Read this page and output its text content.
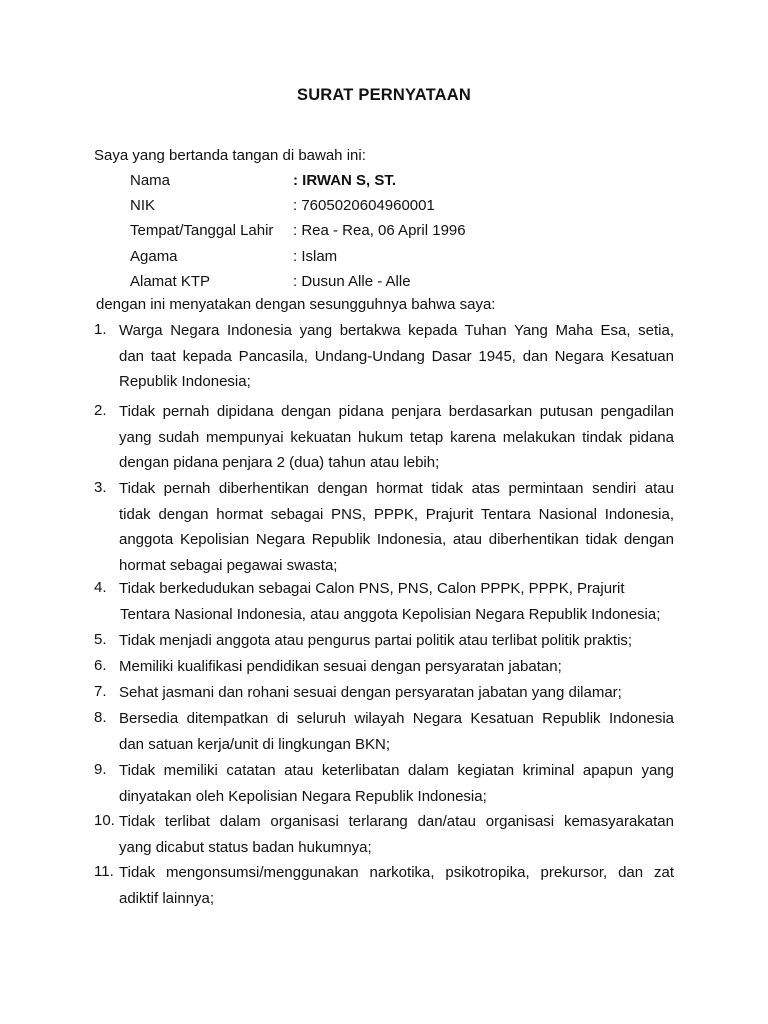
SURAT PERNYATAAN
Saya yang bertanda tangan di bawah ini:
Nama	: IRWAN S, ST.
NIK	: 7605020604960001
Tempat/Tanggal Lahir : Rea - Rea, 06 April 1996
Agama	: Islam
Alamat KTP	: Dusun Alle - Alle
dengan ini menyatakan dengan sesungguhnya bahwa saya:
1. Warga Negara Indonesia yang bertakwa kepada Tuhan Yang Maha Esa, setia,
dan taat kepada Pancasila, Undang-Undang Dasar 1945, dan Negara Kesatuan
Republik Indonesia;
2. Tidak pernah dipidana dengan pidana penjara berdasarkan putusan pengadilan
yang sudah mempunyai kekuatan hukum tetap karena melakukan tindak pidana
dengan pidana penjara 2 (dua) tahun atau lebih;
3. Tidak pernah diberhentikan dengan hormat tidak atas permintaan sendiri atau
tidak dengan hormat sebagai PNS, PPPK, Prajurit Tentara Nasional Indonesia,
anggota Kepolisian Negara Republik Indonesia, atau diberhentikan tidak dengan
hormat sebagai pegawai swasta;
4. Tidak berkedudukan sebagai Calon PNS, PNS, Calon PPPK, PPPK, Prajurit
Tentara Nasional Indonesia, atau anggota Kepolisian Negara Republik Indonesia;
5. Tidak menjadi anggota atau pengurus partai politik atau terlibat politik praktis;
6. Memiliki kualifikasi pendidikan sesuai dengan persyaratan jabatan;
7. Sehat jasmani dan rohani sesuai dengan persyaratan jabatan yang dilamar;
8. Bersedia ditempatkan di seluruh wilayah Negara Kesatuan Republik Indonesia
dan satuan kerja/unit di lingkungan BKN;
9. Tidak memiliki catatan atau keterlibatan dalam kegiatan kriminal apapun yang
dinyatakan oleh Kepolisian Negara Republik Indonesia;
10. Tidak terlibat dalam organisasi terlarang dan/atau organisasi kemasyarakatan
yang dicabut status badan hukumnya;
11. Tidak mengonsumsi/menggunakan narkotika, psikotropika, prekursor, dan zat
adiktif lainnya;
